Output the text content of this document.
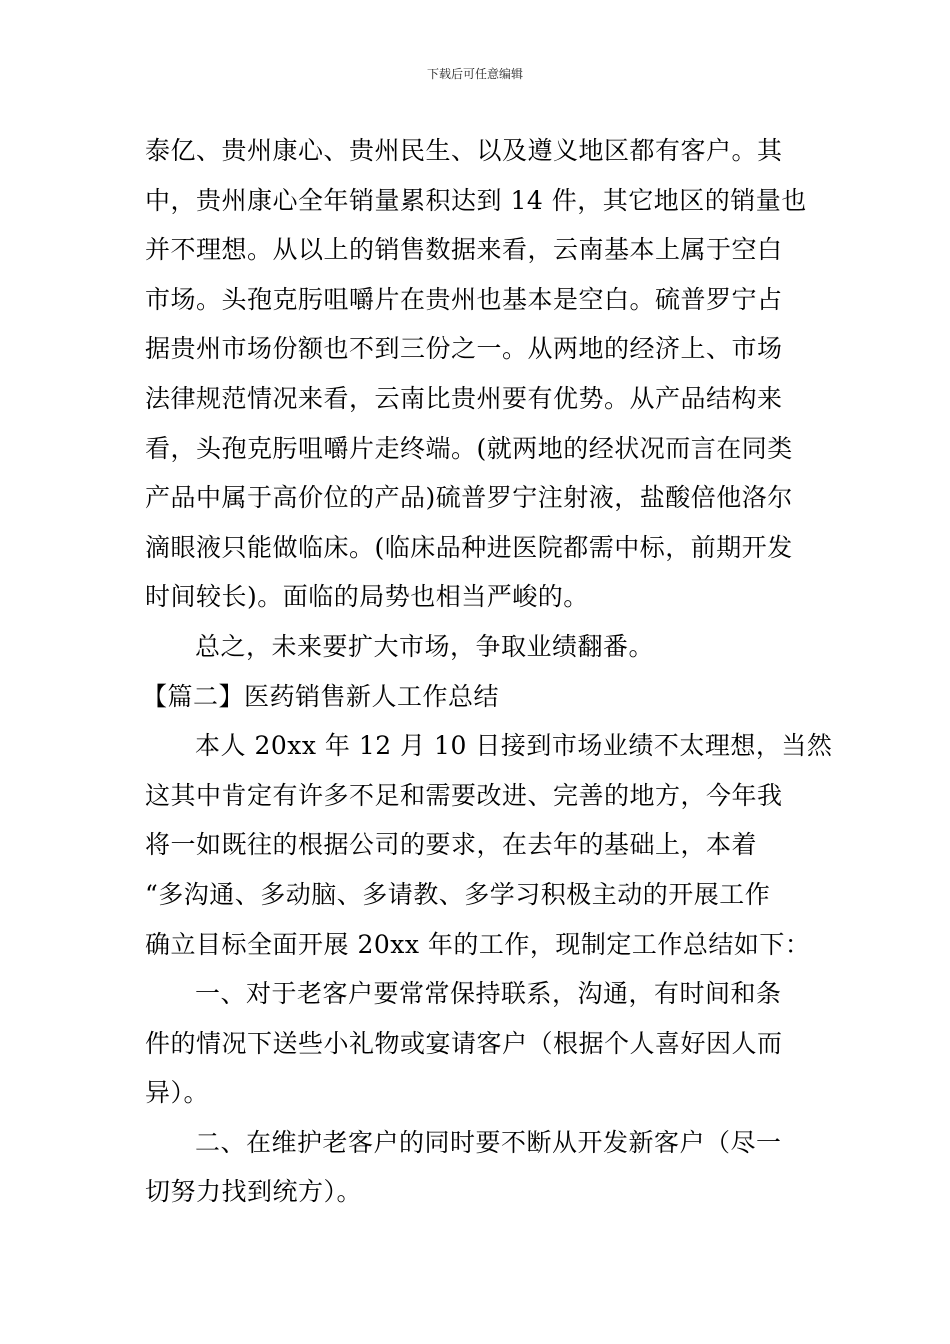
下载后可任意编辑
泰亿、贵州康心、贵州民生、以及遵义地区都有客户。其
中，贵州康心全年销量累积达到 14 件，其它地区的销量也
并不理想。从以上的销售数据来看，云南基本上属于空白
市场。头孢克肟咀嚼片在贵州也基本是空白。硫普罗宁占
据贵州市场份额也不到三份之一。从两地的经济上、市场
法律规范情况来看，云南比贵州要有优势。从产品结构来
看，头孢克肟咀嚼片走终端。(就两地的经状况而言在同类
产品中属于高价位的产品)硫普罗宁注射液，盐酸倍他洛尔
滴眼液只能做临床。(临床品种进医院都需中标，前期开发
时间较长)。面临的局势也相当严峻的。
总之，未来要扩大市场，争取业绩翻番。
【篇二】医药销售新人工作总结
本人 20xx 年 12 月 10 日接到市场业绩不太理想，当然
这其中肯定有许多不足和需要改进、完善的地方，今年我
将一如既往的根据公司的要求，在去年的基础上，本着
“多沟通、多动脑、多请教、多学习积极主动的开展工作
确立目标全面开展 20xx 年的工作，现制定工作总结如下：
一、对于老客户要常常保持联系，沟通，有时间和条
件的情况下送些小礼物或宴请客户（根据个人喜好因人而
异）。
二、在维护老客户的同时要不断从开发新客户（尽一
切努力找到统方）。
